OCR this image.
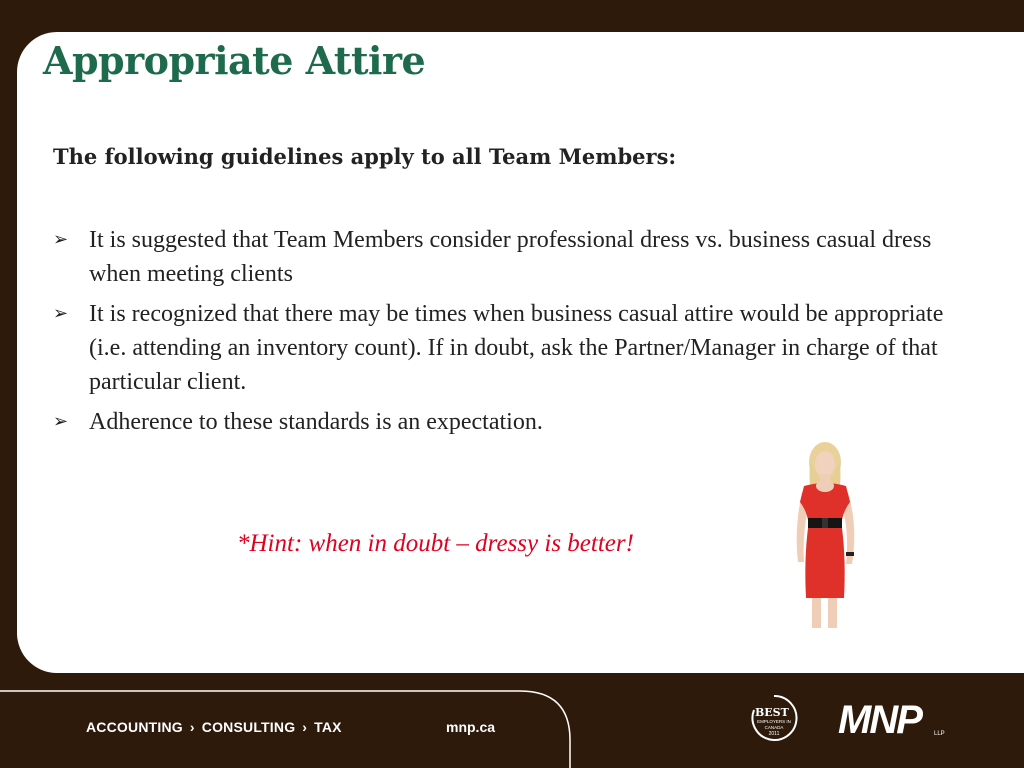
Appropriate Attire

The following guidelines apply to all Team Members:

➢ It is suggested that Team Members consider professional dress vs. business casual dress when meeting clients
➢ It is recognized that there may be times when business casual attire would be appropriate (i.e. attending an inventory count). If in doubt, ask the Partner/Manager in charge of that particular client.
➢ Adherence to these standards is an expectation.

*Hint: when in doubt – dressy is better!

ACCOUNTING › CONSULTING › TAX	mnp.ca
BEST
EMPLOYERS IN CANADA
2011	MNP LLP
